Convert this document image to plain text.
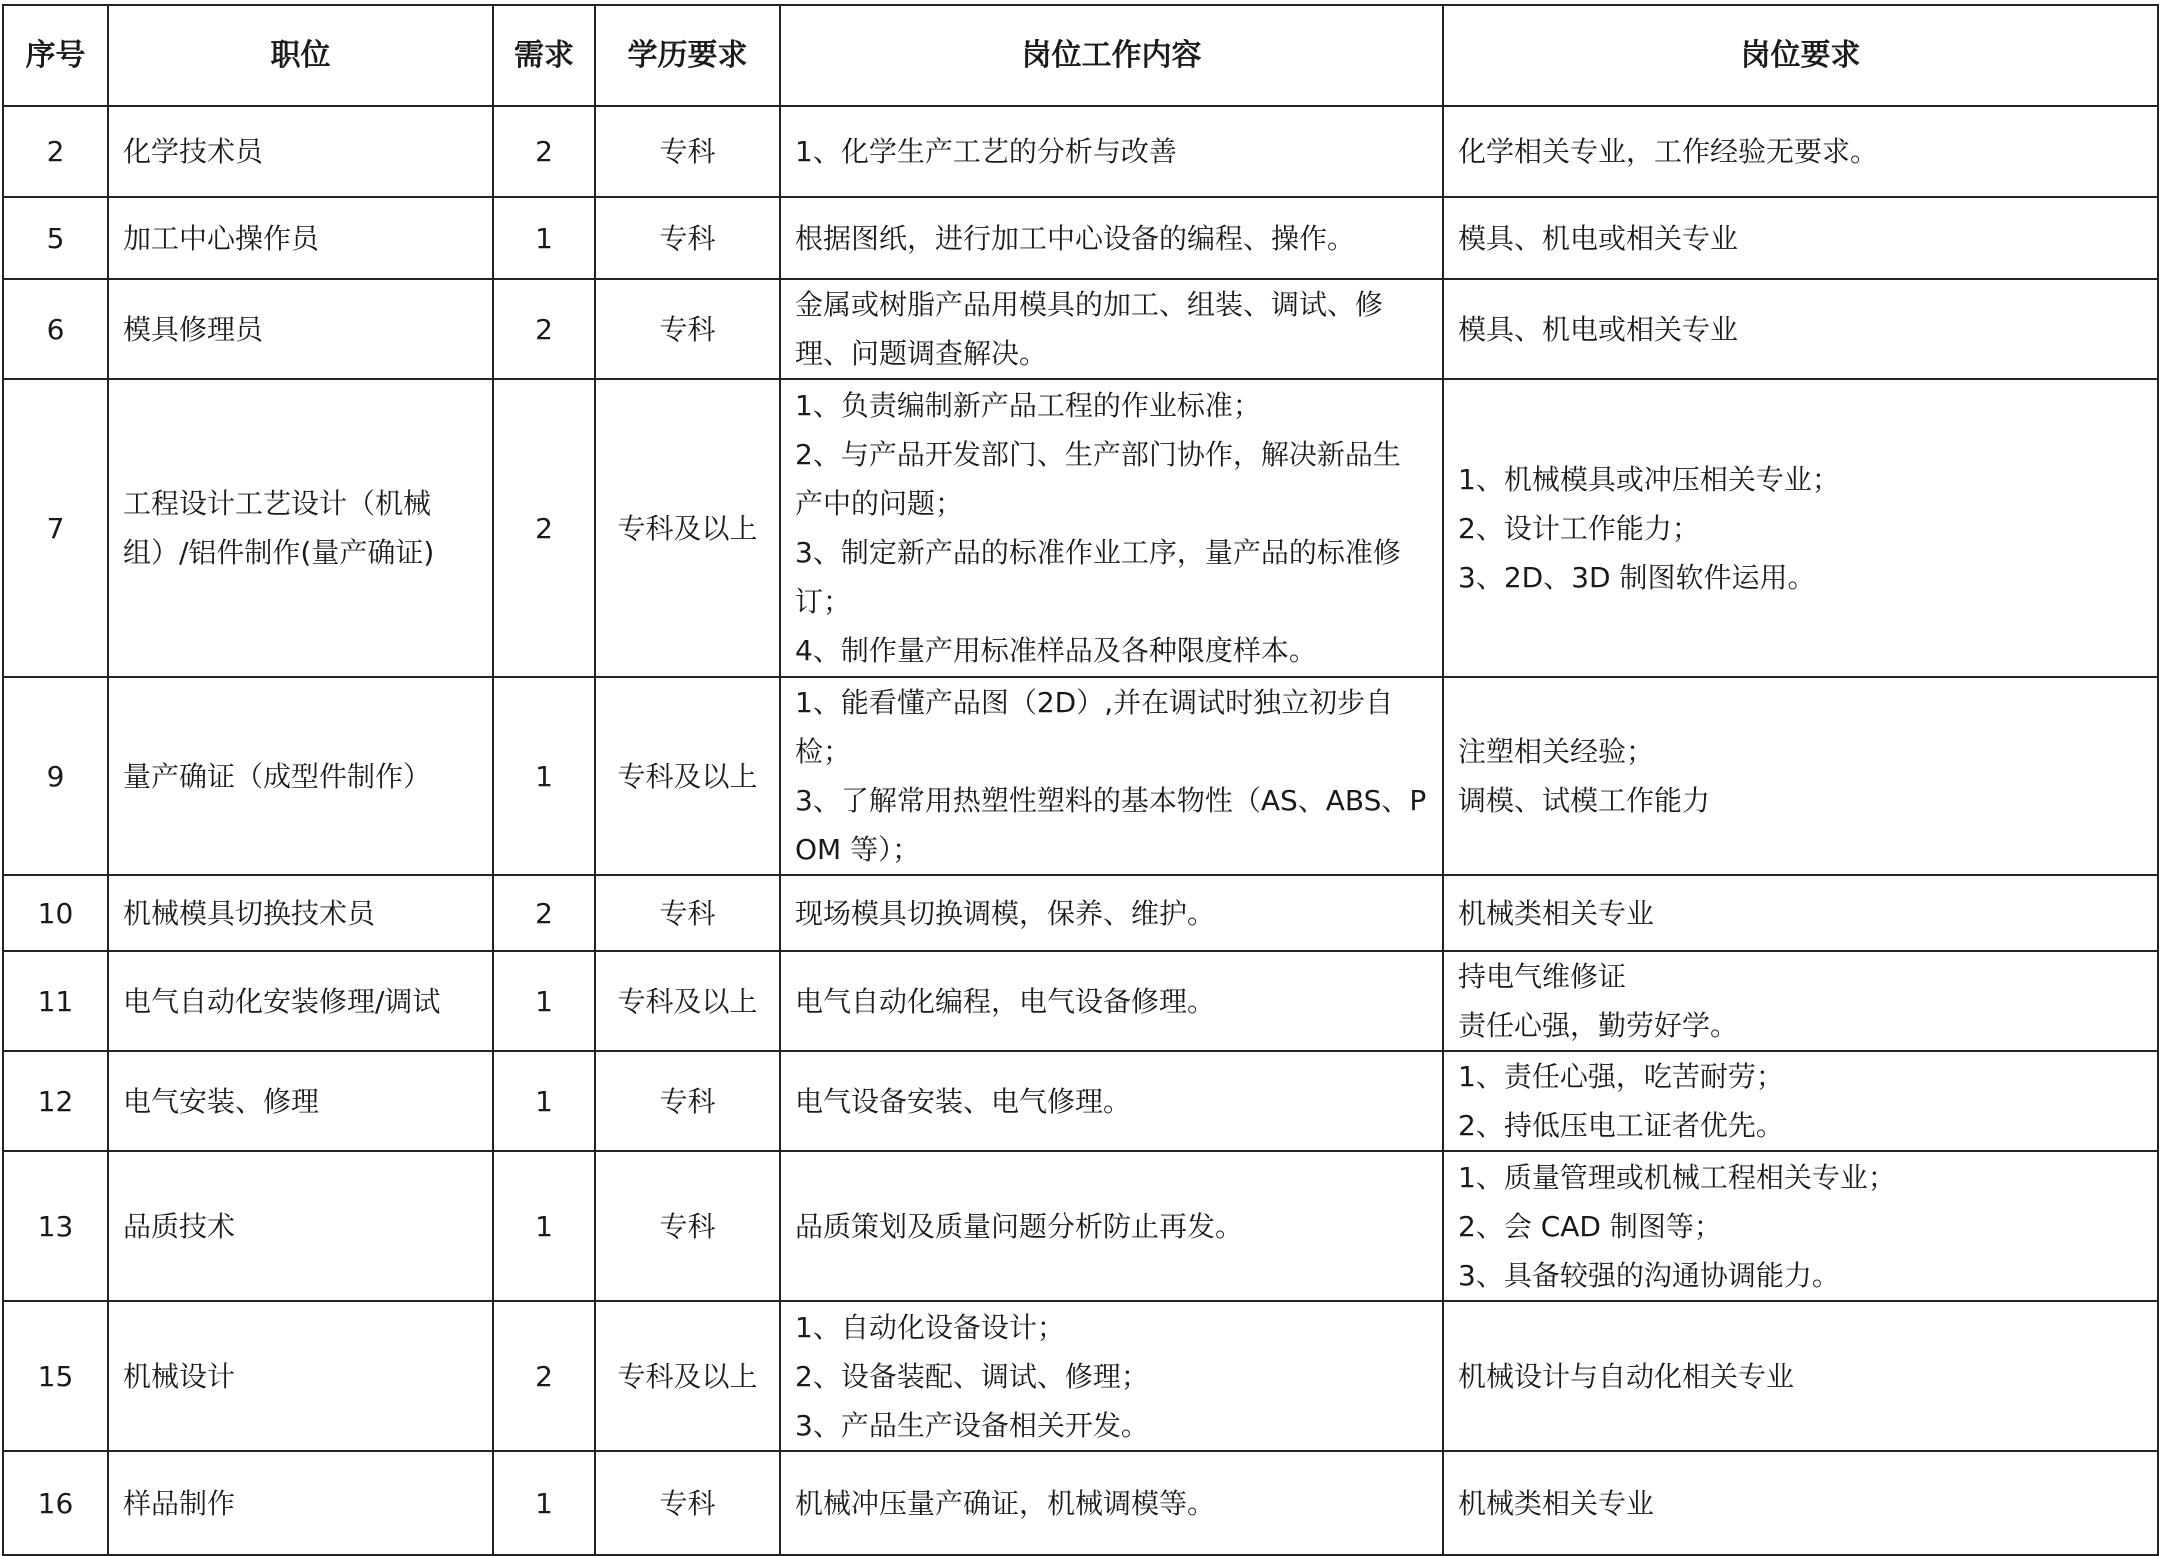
序号	职位	需求	学历要求	岗位工作内容	岗位要求

2	化学技术员	2	专科	1、化学生产工艺的分析与改善	化学相关专业，工作经验无要求。

5	加工中心操作员	1	专科	根据图纸，进行加工中心设备的编程、操作。	模具、机电或相关专业

6	模具修理员	2	专科	金属或树脂产品用模具的加工、组装、调试、修理、问题调查解决。	模具、机电或相关专业

7	工程设计工艺设计（机械组）/铝件制作(量产确证)	2	专科及以上	1、负责编制新产品工程的作业标准；
2、与产品开发部门、生产部门协作，解决新品生产中的问题；
3、制定新产品的标准作业工序，量产品的标准修订；
4、制作量产用标准样品及各种限度样本。	1、机械模具或冲压相关专业；
2、设计工作能力；
3、2D、3D 制图软件运用。

9	量产确证（成型件制作）	1	专科及以上	1、能看懂产品图（2D）,并在调试时独立初步自检；
3、了解常用热塑性塑料的基本物性（AS、ABS、POM 等）；	注塑相关经验；
调模、试模工作能力

10	机械模具切换技术员	2	专科	现场模具切换调模，保养、维护。	机械类相关专业

11	电气自动化安装修理/调试	1	专科及以上	电气自动化编程，电气设备修理。	持电气维修证
责任心强，勤劳好学。

12	电气安装、修理	1	专科	电气设备安装、电气修理。	1、责任心强，吃苦耐劳；
2、持低压电工证者优先。

13	品质技术	1	专科	品质策划及质量问题分析防止再发。	1、质量管理或机械工程相关专业；
2、会 CAD 制图等；
3、具备较强的沟通协调能力。

15	机械设计	2	专科及以上	1、自动化设备设计；
2、设备装配、调试、修理；
3、产品生产设备相关开发。	机械设计与自动化相关专业

16	样品制作	1	专科	机械冲压量产确证，机械调模等。	机械类相关专业
